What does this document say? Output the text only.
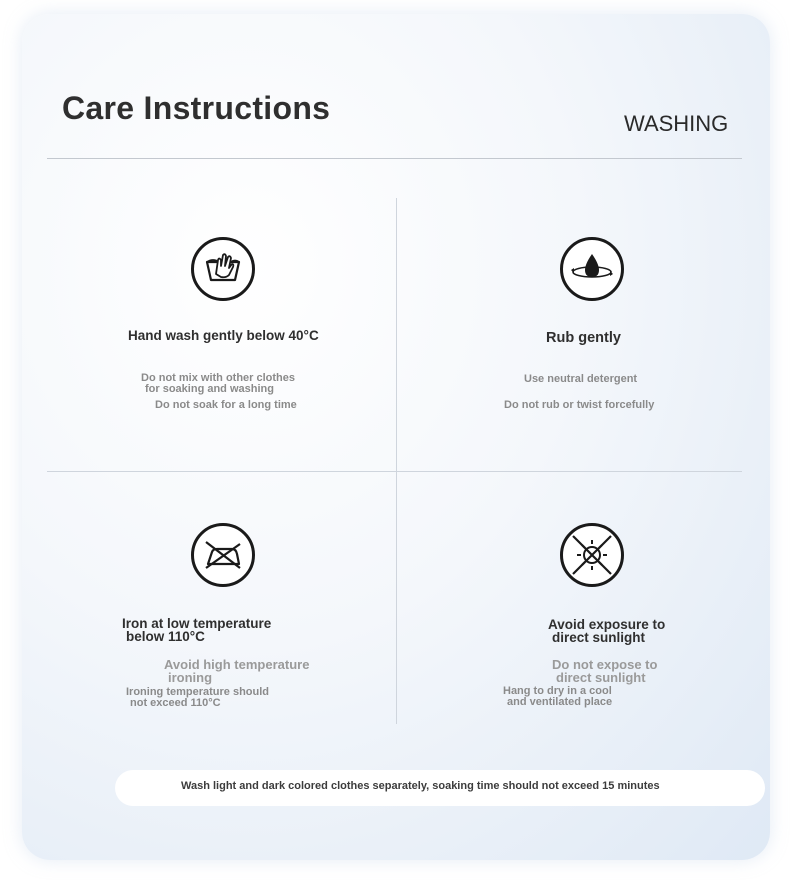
Care Instructions	WASHING
Hand wash gently below 40°C
Do not mix with other clothes
for soaking and washing
Do not soak for a long time
Rub gently
Use neutral detergent
Do not rub or twist forcefully
Iron at low temperature
below 110°C
Avoid high temperature
ironing
Ironing temperature should
not exceed 110°C
Avoid exposure to
direct sunlight
Do not expose to
direct sunlight
Hang to dry in a cool
and ventilated place
Wash light and dark colored clothes separately, soaking time should not exceed 15 minutes
